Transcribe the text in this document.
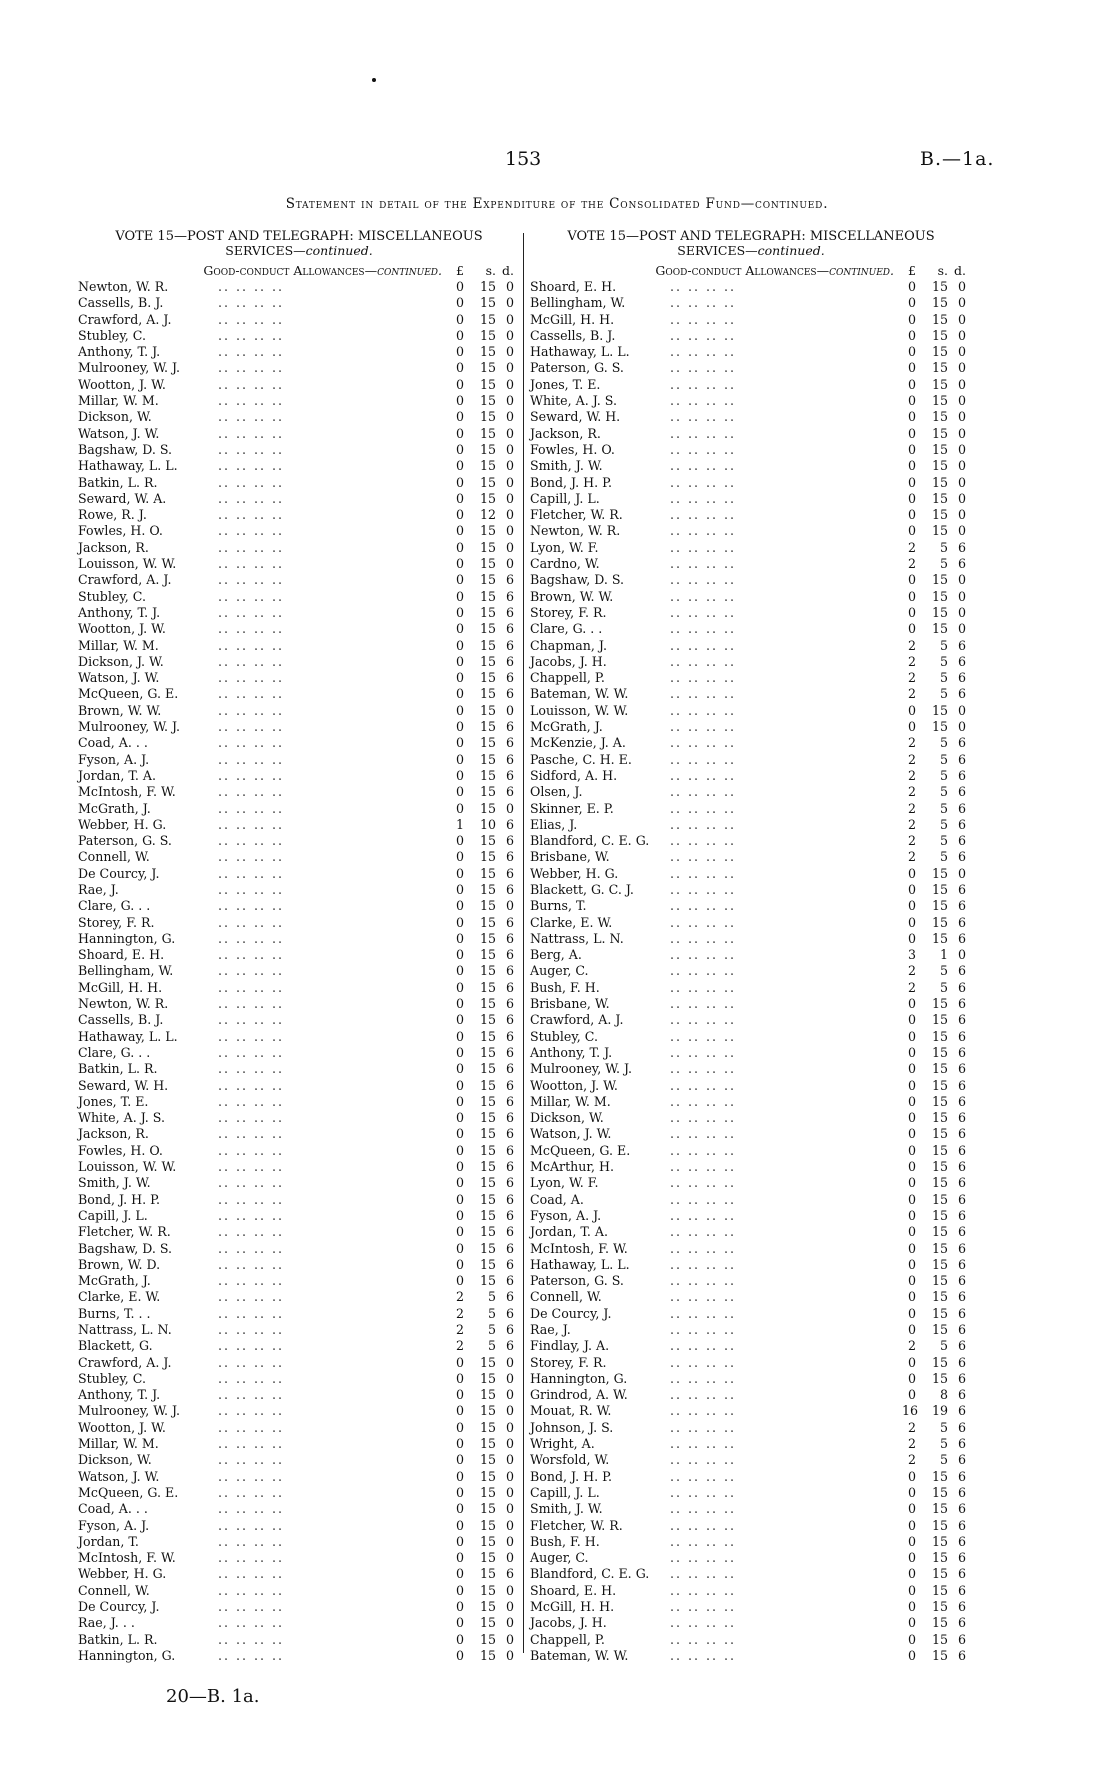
153	B.—1a.
Statement in detail of the Expenditure of the Consolidated Fund—continued.
VOTE 15—POST AND TELEGRAPH: MISCELLANEOUS
SERVICES—continued.
Good-conduct Allowances—continued.	£	s. d.
Newton, W. R.	.. .. .. ..	0	15 0
Cassells, B. J.	.. .. .. ..	0	15 0
Crawford, A. J.	.. .. .. ..	0	15 0
Stubley, C.	.. .. .. ..	0	15 0
Anthony, T. J.	.. .. .. ..	0	15 0
Mulrooney, W. J.	.. .. .. ..	0	15 0
Wootton, J. W.	.. .. .. ..	0	15 0
Millar, W. M.	.. .. .. ..	0	15 0
Dickson, W.	.. .. .. ..	0	15 0
Watson, J. W.	.. .. .. ..	0	15 0
Bagshaw, D. S.	.. .. .. ..	0	15 0
Hathaway, L. L.	.. .. .. ..	0	15 0
Batkin, L. R.	.. .. .. ..	0	15 0
Seward, W. A.	.. .. .. ..	0	15 0
Rowe, R. J.	.. .. .. ..	0	12 0
Fowles, H. O.	.. .. .. ..	0	15 0
Jackson, R.	.. .. .. ..	0	15 0
Louisson, W. W.	.. .. .. ..	0	15 0
Crawford, A. J.	.. .. .. ..	0	15 6
Stubley, C.	.. .. .. ..	0	15 6
Anthony, T. J.	.. .. .. ..	0	15 6
Wootton, J. W.	.. .. .. ..	0	15 6
Millar, W. M.	.. .. .. ..	0	15 6
Dickson, J. W.	.. .. .. ..	0	15 6
Watson, J. W.	.. .. .. ..	0	15 6
McQueen, G. E.	.. .. .. ..	0	15 6
Brown, W. W.	.. .. .. ..	0	15 0
Mulrooney, W. J.	.. .. .. ..	0	15 6
Coad, A. . .	.. .. .. ..	0	15 6
Fyson, A. J.	.. .. .. ..	0	15 6
Jordan, T. A.	.. .. .. ..	0	15 6
McIntosh, F. W.	.. .. .. ..	0	15 6
McGrath, J.	.. .. .. ..	0	15 0
Webber, H. G.	.. .. .. ..	1	10 6
Paterson, G. S.	.. .. .. ..	0	15 6
Connell, W.	.. .. .. ..	0	15 6
De Courcy, J.	.. .. .. ..	0	15 6
Rae, J.	.. .. .. ..	0	15 6
Clare, G. . .	.. .. .. ..	0	15 0
Storey, F. R.	.. .. .. ..	0	15 6
Hannington, G.	.. .. .. ..	0	15 6
Shoard, E. H.	.. .. .. ..	0	15 6
Bellingham, W.	.. .. .. ..	0	15 6
McGill, H. H.	.. .. .. ..	0	15 6
Newton, W. R.	.. .. .. ..	0	15 6
Cassells, B. J.	.. .. .. ..	0	15 6
Hathaway, L. L.	.. .. .. ..	0	15 6
Clare, G. . .	.. .. .. ..	0	15 6
Batkin, L. R.	.. .. .. ..	0	15 6
Seward, W. H.	.. .. .. ..	0	15 6
Jones, T. E.	.. .. .. ..	0	15 6
White, A. J. S.	.. .. .. ..	0	15 6
Jackson, R.	.. .. .. ..	0	15 6
Fowles, H. O.	.. .. .. ..	0	15 6
Louisson, W. W.	.. .. .. ..	0	15 6
Smith, J. W.	.. .. .. ..	0	15 6
Bond, J. H. P.	.. .. .. ..	0	15 6
Capill, J. L.	.. .. .. ..	0	15 6
Fletcher, W. R.	.. .. .. ..	0	15 6
Bagshaw, D. S.	.. .. .. ..	0	15 6
Brown, W. D.	.. .. .. ..	0	15 6
McGrath, J.	.. .. .. ..	0	15 6
Clarke, E. W.	.. .. .. ..	2	5 6
Burns, T. . .	.. .. .. ..	2	5 6
Nattrass, L. N.	.. .. .. ..	2	5 6
Blackett, G.	.. .. .. ..	2	5 6
Crawford, A. J.	.. .. .. ..	0	15 0
Stubley, C.	.. .. .. ..	0	15 0
Anthony, T. J.	.. .. .. ..	0	15 0
Mulrooney, W. J.	.. .. .. ..	0	15 0
Wootton, J. W.	.. .. .. ..	0	15 0
Millar, W. M.	.. .. .. ..	0	15 0
Dickson, W.	.. .. .. ..	0	15 0
Watson, J. W.	.. .. .. ..	0	15 0
McQueen, G. E.	.. .. .. ..	0	15 0
Coad, A. . .	.. .. .. ..	0	15 0
Fyson, A. J.	.. .. .. ..	0	15 0
Jordan, T.	.. .. .. ..	0	15 0
McIntosh, F. W.	.. .. .. ..	0	15 0
Webber, H. G.	.. .. .. ..	0	15 6
Connell, W.	.. .. .. ..	0	15 0
De Courcy, J.	.. .. .. ..	0	15 0
Rae, J. . .	.. .. .. ..	0	15 0
Batkin, L. R.	.. .. .. ..	0	15 0
Hannington, G.	.. .. .. ..	0	15 0
VOTE 15—POST AND TELEGRAPH: MISCELLANEOUS
SERVICES—continued.
Good-conduct Allowances—continued.	£	s. d.
Shoard, E. H.	.. .. .. ..	0	15 0
Bellingham, W.	.. .. .. ..	0	15 0
McGill, H. H.	.. .. .. ..	0	15 0
Cassells, B. J.	.. .. .. ..	0	15 0
Hathaway, L. L.	.. .. .. ..	0	15 0
Paterson, G. S.	.. .. .. ..	0	15 0
Jones, T. E.	.. .. .. ..	0	15 0
White, A. J. S.	.. .. .. ..	0	15 0
Seward, W. H.	.. .. .. ..	0	15 0
Jackson, R.	.. .. .. ..	0	15 0
Fowles, H. O.	.. .. .. ..	0	15 0
Smith, J. W.	.. .. .. ..	0	15 0
Bond, J. H. P.	.. .. .. ..	0	15 0
Capill, J. L.	.. .. .. ..	0	15 0
Fletcher, W. R.	.. .. .. ..	0	15 0
Newton, W. R.	.. .. .. ..	0	15 0
Lyon, W. F.	.. .. .. ..	2	5 6
Cardno, W.	.. .. .. ..	2	5 6
Bagshaw, D. S.	.. .. .. ..	0	15 0
Brown, W. W.	.. .. .. ..	0	15 0
Storey, F. R.	.. .. .. ..	0	15 0
Clare, G. . .	.. .. .. ..	0	15 0
Chapman, J.	.. .. .. ..	2	5 6
Jacobs, J. H.	.. .. .. ..	2	5 6
Chappell, P.	.. .. .. ..	2	5 6
Bateman, W. W.	.. .. .. ..	2	5 6
Louisson, W. W.	.. .. .. ..	0	15 0
McGrath, J.	.. .. .. ..	0	15 0
McKenzie, J. A.	.. .. .. ..	2	5 6
Pasche, C. H. E.	.. .. .. ..	2	5 6
Sidford, A. H.	.. .. .. ..	2	5 6
Olsen, J.	.. .. .. ..	2	5 6
Skinner, E. P.	.. .. .. ..	2	5 6
Elias, J.	.. .. .. ..	2	5 6
Blandford, C. E. G. .. .. .. ..	2	5 6
Brisbane, W.	.. .. .. ..	2	5 6
Webber, H. G.	.. .. .. ..	0	15 0
Blackett, G. C. J.	.. .. .. ..	0	15 6
Burns, T.	.. .. .. ..	0	15 6
Clarke, E. W.	.. .. .. ..	0	15 6
Nattrass, L. N.	.. .. .. ..	0	15 6
Berg, A.	.. .. .. ..	3	1 0
Auger, C.	.. .. .. ..	2	5 6
Bush, F. H.	.. .. .. ..	2	5 6
Brisbane, W.	.. .. .. ..	0	15 6
Crawford, A. J.	.. .. .. ..	0	15 6
Stubley, C.	.. .. .. ..	0	15 6
Anthony, T. J.	.. .. .. ..	0	15 6
Mulrooney, W. J.	.. .. .. ..	0	15 6
Wootton, J. W.	.. .. .. ..	0	15 6
Millar, W. M.	.. .. .. ..	0	15 6
Dickson, W.	.. .. .. ..	0	15 6
Watson, J. W.	.. .. .. ..	0	15 6
McQueen, G. E.	.. .. .. ..	0	15 6
McArthur, H.	.. .. .. ..	0	15 6
Lyon, W. F.	.. .. .. ..	0	15 6
Coad, A.	.. .. .. ..	0	15 6
Fyson, A. J.	.. .. .. ..	0	15 6
Jordan, T. A.	.. .. .. ..	0	15 6
McIntosh, F. W.	.. .. .. ..	0	15 6
Hathaway, L. L.	.. .. .. ..	0	15 6
Paterson, G. S.	.. .. .. ..	0	15 6
Connell, W.	.. .. .. ..	0	15 6
De Courcy, J.	.. .. .. ..	0	15 6
Rae, J.	.. .. .. ..	0	15 6
Findlay, J. A.	.. .. .. ..	2	5 6
Storey, F. R.	.. .. .. ..	0	15 6
Hannington, G.	.. .. .. ..	0	15 6
Grindrod, A. W.	.. .. .. ..	0	8 6
Mouat, R. W.	.. .. .. ..	16	19 6
Johnson, J. S.	.. .. .. ..	2	5 6
Wright, A.	.. .. .. ..	2	5 6
Worsfold, W.	.. .. .. ..	2	5 6
Bond, J. H. P.	.. .. .. ..	0	15 6
Capill, J. L.	.. .. .. ..	0	15 6
Smith, J. W.	.. .. .. ..	0	15 6
Fletcher, W. R.	.. .. .. ..	0	15 6
Bush, F. H.	.. .. .. ..	0	15 6
Auger, C.	.. .. .. ..	0	15 6
Blandford, C. E. G. .. .. .. ..	0	15 6
Shoard, E. H.	.. .. .. ..	0	15 6
McGill, H. H.	.. .. .. ..	0	15 6
Jacobs, J. H.	.. .. .. ..	0	15 6
Chappell, P.	.. .. .. ..	0	15 6
Bateman, W. W.	.. .. .. ..	0	15 6
20—B. 1a.
